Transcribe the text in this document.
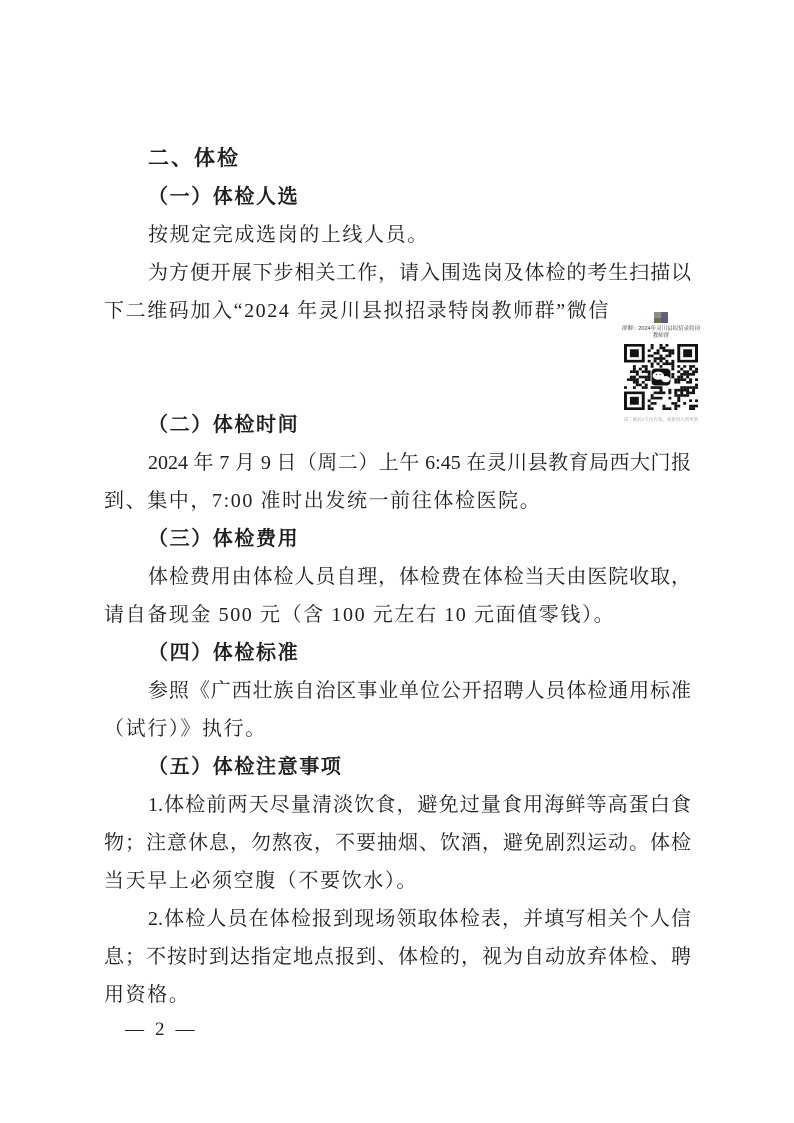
二、体检
（一）体检人选
按规定完成选岗的上线人员。
为方便开展下步相关工作，请入围选岗及体检的考生扫描以
下二维码加入“2024 年灵川县拟招录特岗教师群”微信
（二）体检时间
2024 年 7 月 9 日（周二）上午 6:45 在灵川县教育局西大门报
到、集中，7:00 准时出发统一前往体检医院。
（三）体检费用
体检费用由体检人员自理，体检费在体检当天由医院收取，
请自备现金 500 元（含 100 元左右 10 元面值零钱）。
（四）体检标准
参照《广西壮族自治区事业单位公开招聘人员体检通用标准
（试行）》执行。
（五）体检注意事项
1.体检前两天尽量清淡饮食，避免过量食用海鲜等高蛋白食
物；注意休息，勿熬夜，不要抽烟、饮酒，避免剧烈运动。体检
当天早上必须空腹（不要饮水）。
2.体检人员在体检报到现场领取体检表，并填写相关个人信
息；不按时到达指定地点报到、体检的，视为自动放弃体检、聘
用资格。
群聊：2024年灵川县拟招录特岗
教师群
该二维码7天内有效，重新进入将更新
— 2 —
